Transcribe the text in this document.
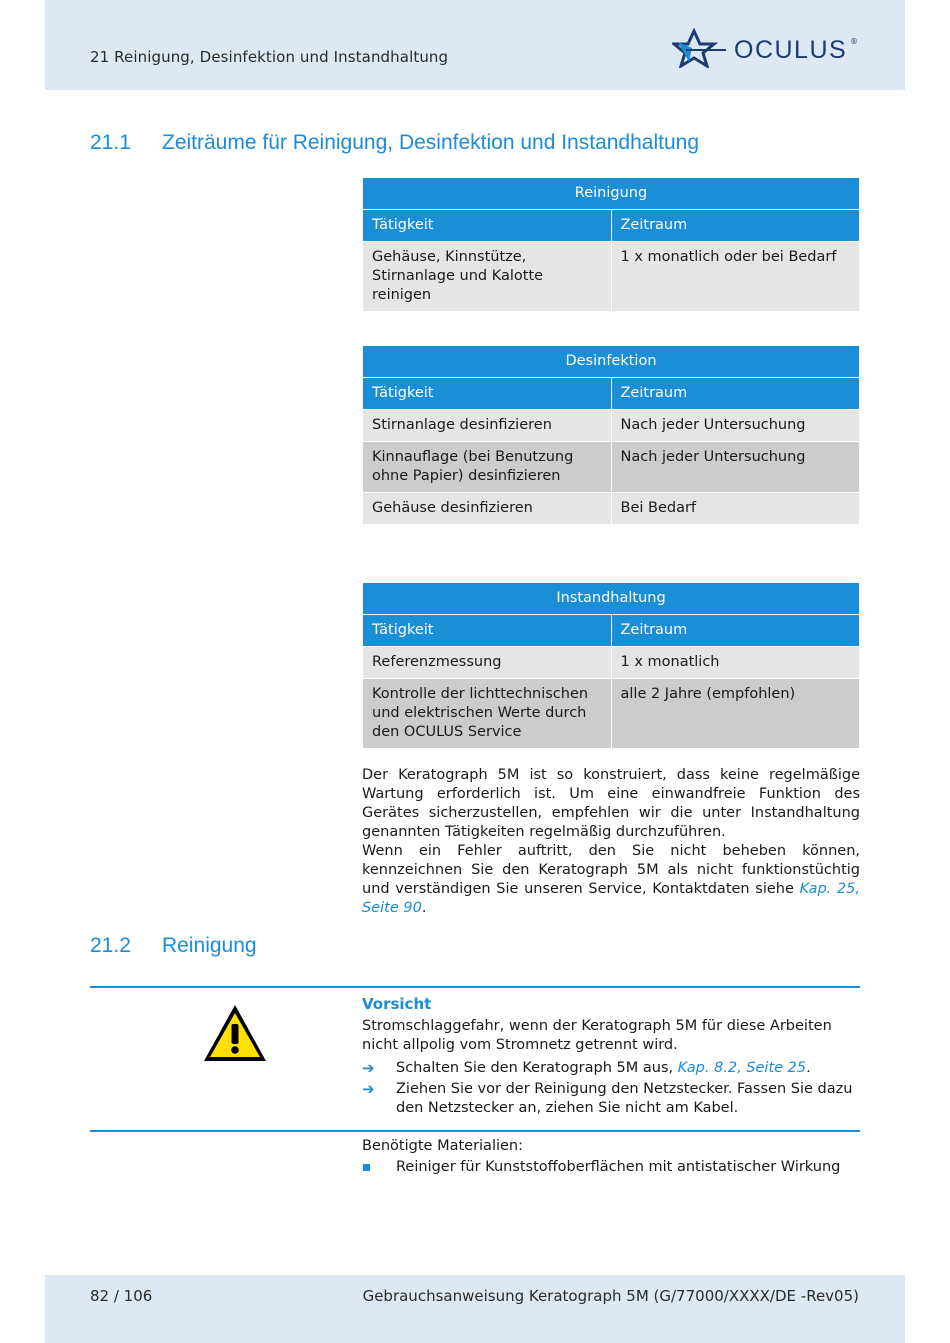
21 Reinigung, Desinfektion und Instandhaltung	OCULUS ®
21.1 Zeiträume für Reinigung, Desinfektion und Instandhaltung
Reinigung	
Tätigkeit	Zeitraum
Gehäuse, Kinnstütze, Stirnanlage und Kalotte reinigen	1 x monatlich oder bei Bedarf
Desinfektion	
Tätigkeit	Zeitraum
Stirnanlage desinfizieren	Nach jeder Untersuchung
Kinnauflage (bei Benutzung ohne Papier) desinfizieren	Nach jeder Untersuchung
Gehäuse desinfizieren	Bei Bedarf
Instandhaltung	
Tätigkeit	Zeitraum
Referenzmessung	1 x monatlich
Kontrolle der lichttechnischen und elektrischen Werte durch den OCULUS Service	alle 2 Jahre (empfohlen)

Der Keratograph 5M ist so konstruiert, dass keine regelmäßige Wartung erforderlich ist. Um eine einwandfreie Funktion des Gerätes sicherzustellen, empfehlen wir die unter Instandhaltung genannten Tätigkeiten regelmäßig durchzuführen.

Wenn ein Fehler auftritt, den Sie nicht beheben können, kennzeichnen Sie den Keratograph 5M als nicht funktionstüchtig und verständigen Sie unseren Service, Kontaktdaten siehe Kap. 25, Seite 90.

21.2 Reinigung
Vorsicht
Stromschlaggefahr, wenn der Keratograph 5M für diese Arbeiten nicht allpolig vom Stromnetz getrennt wird.
➔ Schalten Sie den Keratograph 5M aus, Kap. 8.2, Seite 25.
➔ Ziehen Sie vor der Reinigung den Netzstecker. Fassen Sie dazu den Netzstecker an, ziehen Sie nicht am Kabel.
Benötigte Materialien:
Reiniger für Kunststoffoberflächen mit antistatischer Wirkung
82 / 106	Gebrauchsanweisung Keratograph 5M (G/77000/XXXX/DE -Rev05)
